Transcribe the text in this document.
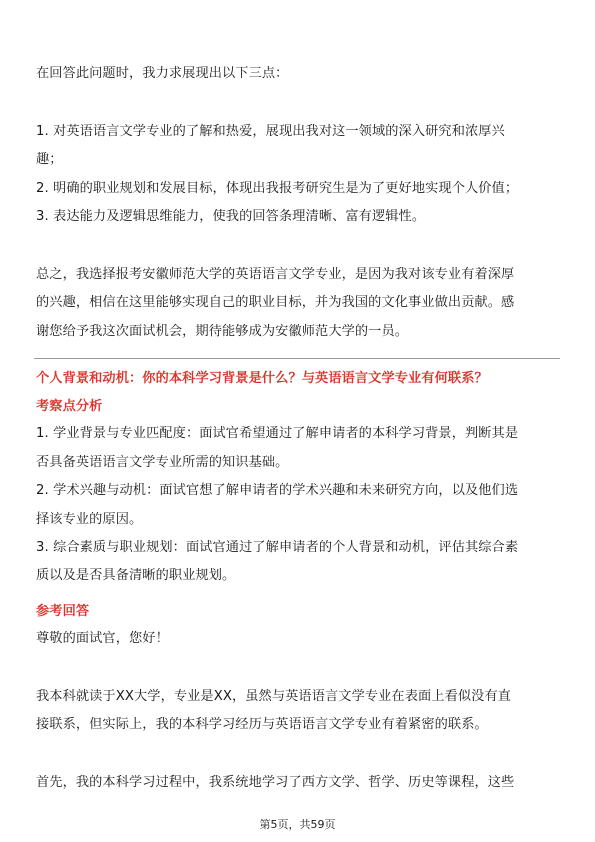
在回答此问题时，我力求展现出以下三点：
1. 对英语语言文学专业的了解和热爱，展现出我对这一领域的深入研究和浓厚兴
趣；
2. 明确的职业规划和发展目标，体现出我报考研究生是为了更好地实现个人价值；
3. 表达能力及逻辑思维能力，使我的回答条理清晰、富有逻辑性。
总之，我选择报考安徽师范大学的英语语言文学专业，是因为我对该专业有着深厚
的兴趣，相信在这里能够实现自己的职业目标，并为我国的文化事业做出贡献。感
谢您给予我这次面试机会，期待能够成为安徽师范大学的一员。
个人背景和动机：你的本科学习背景是什么？与英语语言文学专业有何联系？
考察点分析
1. 学业背景与专业匹配度：面试官希望通过了解申请者的本科学习背景，判断其是
否具备英语语言文学专业所需的知识基础。
2. 学术兴趣与动机：面试官想了解申请者的学术兴趣和未来研究方向，以及他们选
择该专业的原因。
3. 综合素质与职业规划：面试官通过了解申请者的个人背景和动机，评估其综合素
质以及是否具备清晰的职业规划。
参考回答
尊敬的面试官，您好！
我本科就读于XX大学，专业是XX，虽然与英语语言文学专业在表面上看似没有直
接联系，但实际上，我的本科学习经历与英语语言文学专业有着紧密的联系。
首先，我的本科学习过程中，我系统地学习了西方文学、哲学、历史等课程，这些
第5页，共59页
